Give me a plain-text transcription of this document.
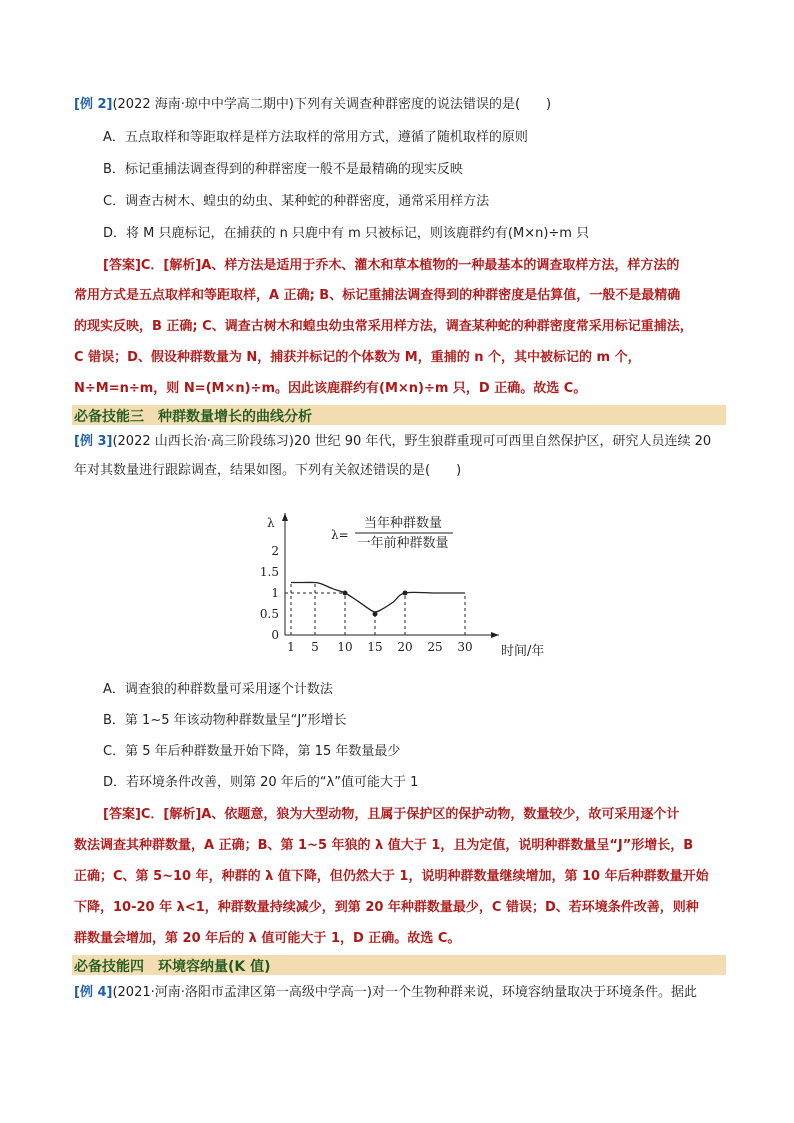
[例 2](2022 海南·琼中中学高二期中)下列有关调查种群密度的说法错误的是(　　)
A．五点取样和等距取样是样方法取样的常用方式，遵循了随机取样的原则
B．标记重捕法调查得到的种群密度一般不是最精确的现实反映
C．调查古树木、蝗虫的幼虫、某种蛇的种群密度，通常采用样方法
D．将 M 只鹿标记，在捕获的 n 只鹿中有 m 只被标记，则该鹿群约有(M×n)÷m 只
[答案]C．[解析]A、样方法是适用于乔木、灌木和草本植物的一种最基本的调查取样方法，样方法的
常用方式是五点取样和等距取样，A 正确; B、标记重捕法调查得到的种群密度是估算值，一般不是最精确
的现实反映，B 正确; C、调查古树木和蝗虫幼虫常采用样方法，调查某种蛇的种群密度常采用标记重捕法，
C 错误；D、假设种群数量为 N，捕获并标记的个体数为 M，重捕的 n 个，其中被标记的 m 个，
N÷M=n÷m，则 N=(M×n)÷m。因此该鹿群约有(M×n)÷m 只，D 正确。故选 C。
必备技能三　种群数量增长的曲线分析
[例 3](2022 山西长治·高三阶段练习)20 世纪 90 年代，野生狼群重现可可西里自然保护区，研究人员连续 20
年对其数量进行跟踪调查，结果如图。下列有关叙述错误的是(　　)
λ
时间/年
λ=
当年种群数量
一年前种群数量
0
0.5
1
1.5
2
1 5 10 15 20 25 30
A．调查狼的种群数量可采用逐个计数法
B．第 1~5 年该动物种群数量呈“J”形增长
C．第 5 年后种群数量开始下降，第 15 年数量最少
D．若环境条件改善，则第 20 年后的“λ”值可能大于 1
[答案]C．[解析]A、依题意，狼为大型动物，且属于保护区的保护动物，数量较少，故可采用逐个计
数法调查其种群数量，A 正确；B、第 1~5 年狼的 λ 值大于 1，且为定值，说明种群数量呈“J”形增长，B
正确；C、第 5~10 年，种群的 λ 值下降，但仍然大于 1，说明种群数量继续增加，第 10 年后种群数量开始
下降，10-20 年 λ<1，种群数量持续减少，到第 20 年种群数量最少，C 错误；D、若环境条件改善，则种
群数量会增加，第 20 年后的 λ 值可能大于 1，D 正确。故选 C。
必备技能四　环境容纳量(K 值)
[例 4](2021·河南·洛阳市孟津区第一高级中学高一)对一个生物种群来说，环境容纳量取决于环境条件。据此
